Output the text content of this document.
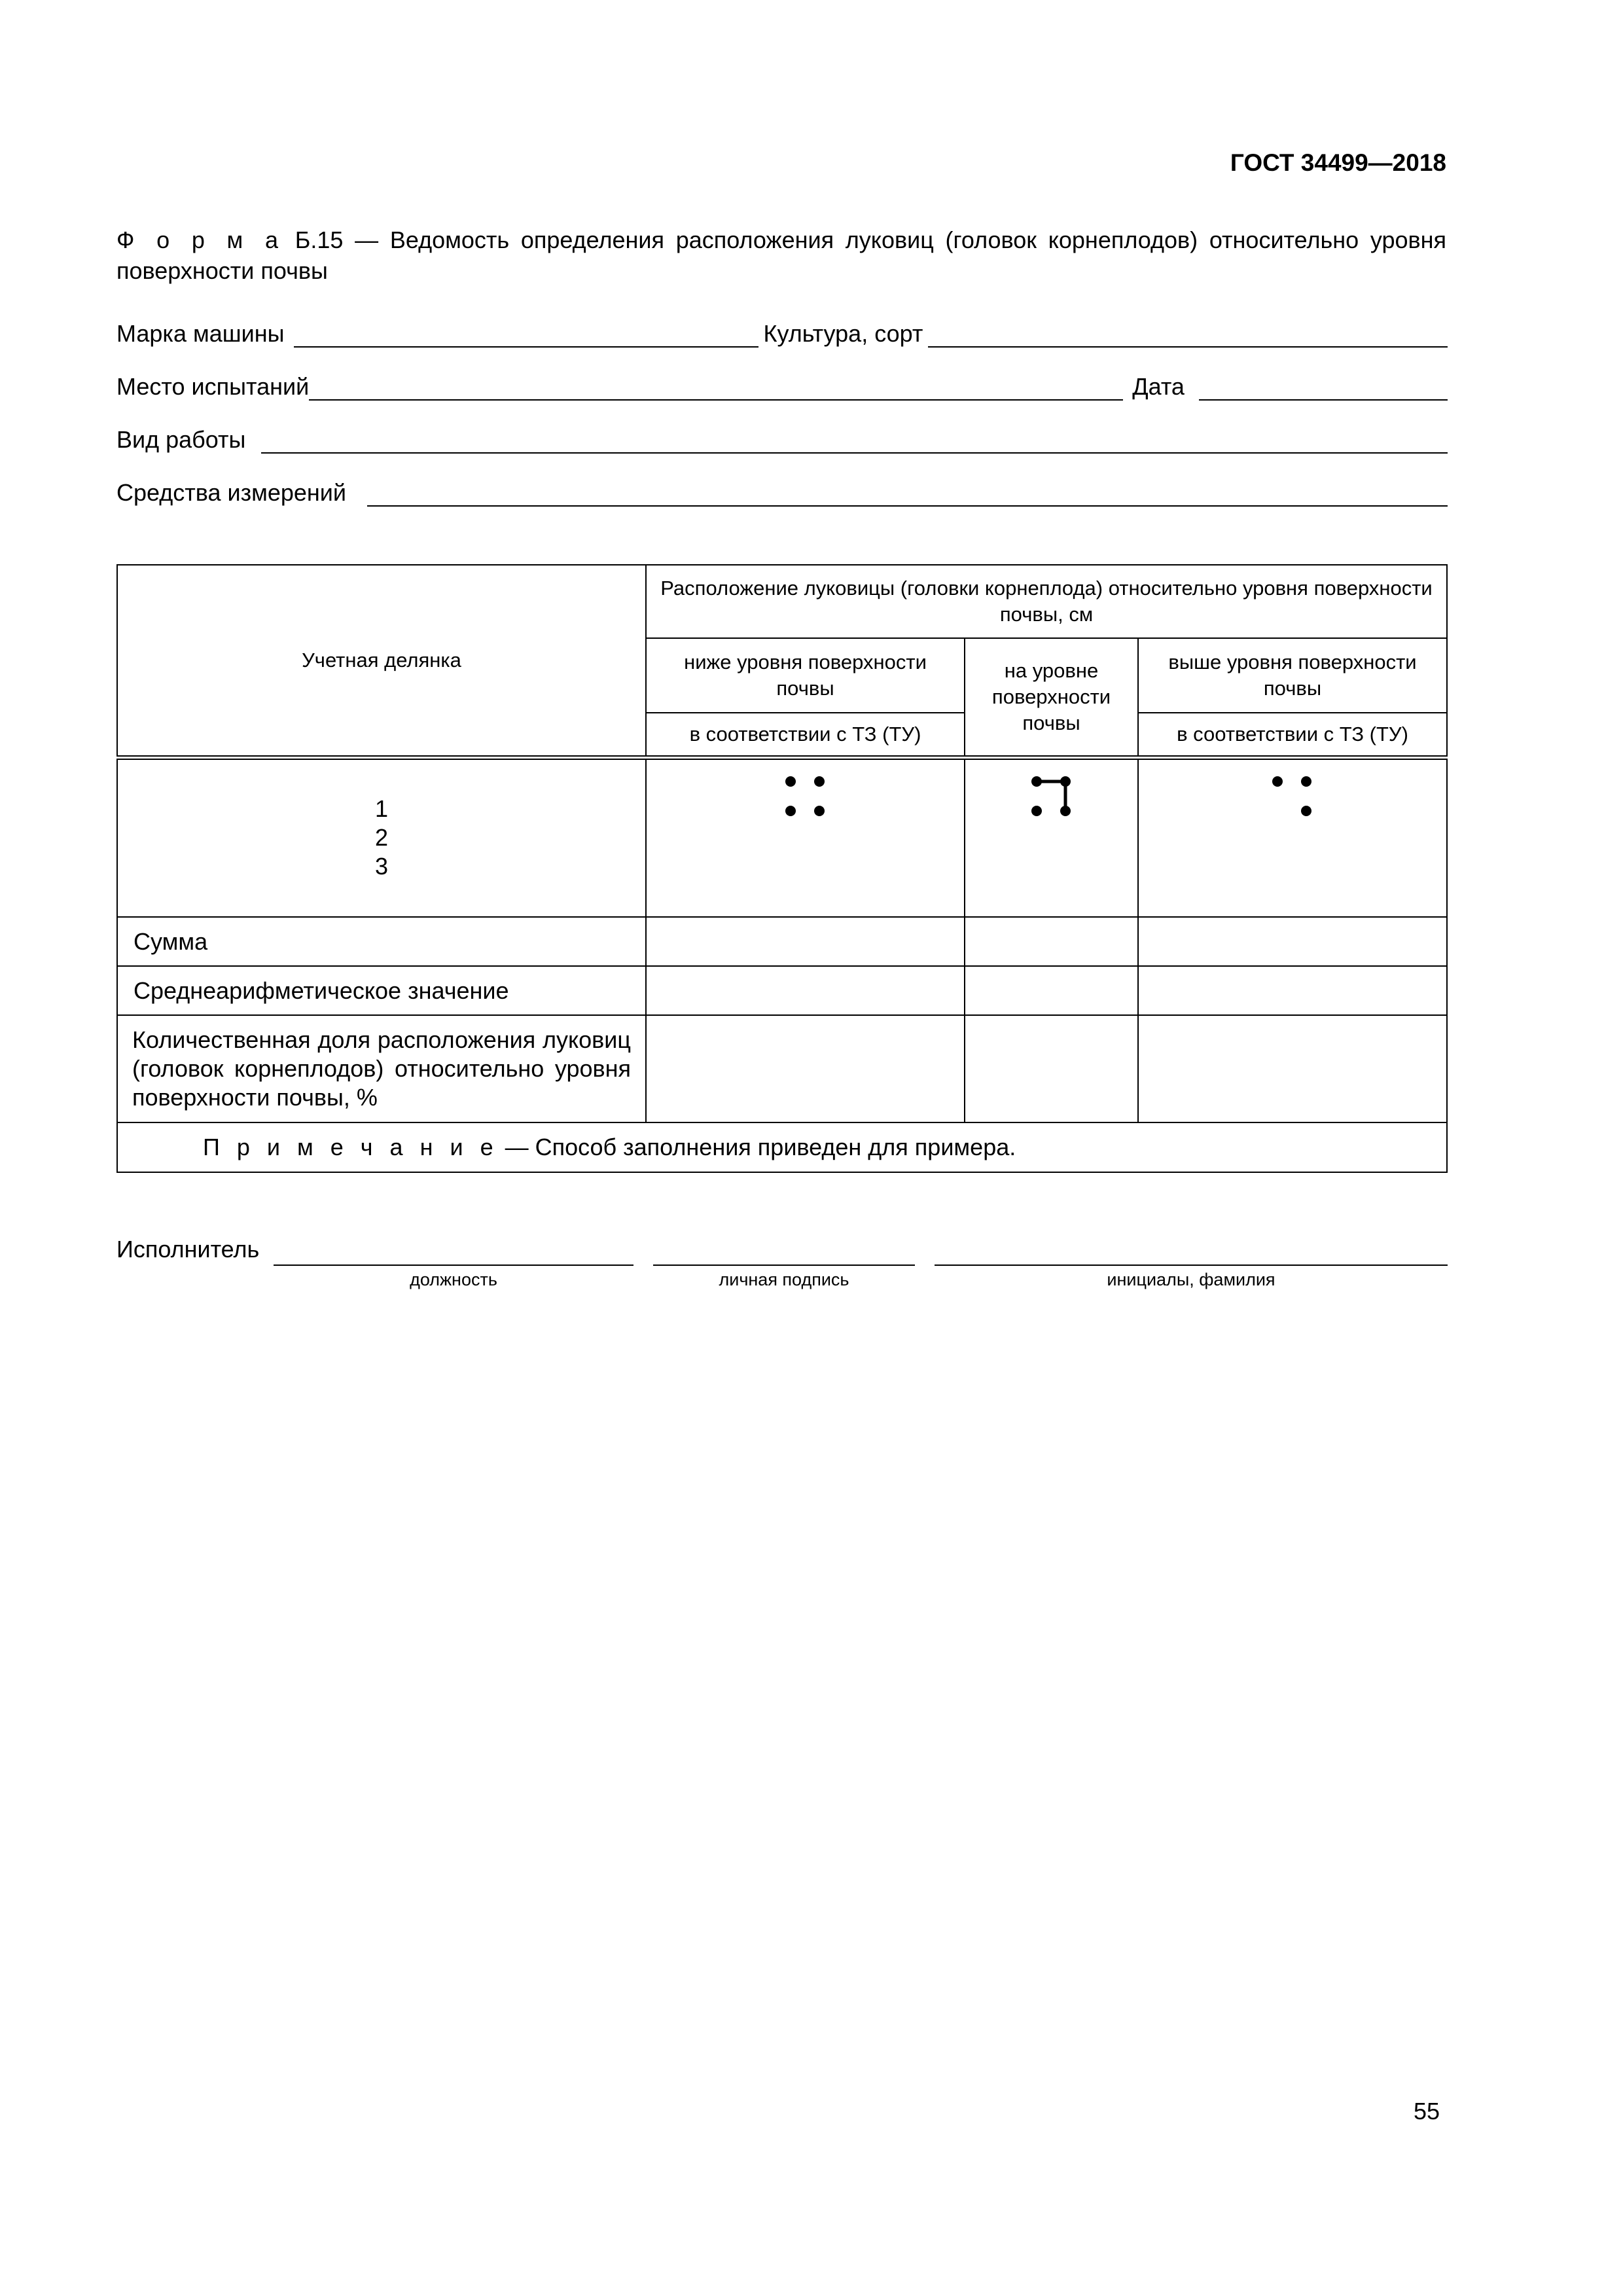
ГОСТ 34499—2018
Ф о р м а Б.15 — Ведомость определения расположения луковиц (головок корнеплодов) относительно уровня поверхности почвы
Марка машины	Культура, сорт
Место испытаний	Дата
Вид работы
Средства измерений
Учетная делянка	Расположение луковицы (головки корнеплода) относительно уровня поверхности почвы, см		
	ниже уровня поверхности почвы	на уровне поверхности почвы	выше уровня поверхности почвы
	в соответствии с ТЗ (ТУ)		в соответствии с ТЗ (ТУ)

1
2
3

Сумма			
Среднеарифметическое значение			
Количественная доля расположения луковиц (головок корнеплодов) относительно уровня поверхности почвы, %			
П р и м е ч а н и е — Способ заполнения приведен для примера.			
Исполнитель
должность	личная подпись	инициалы, фамилия
55
